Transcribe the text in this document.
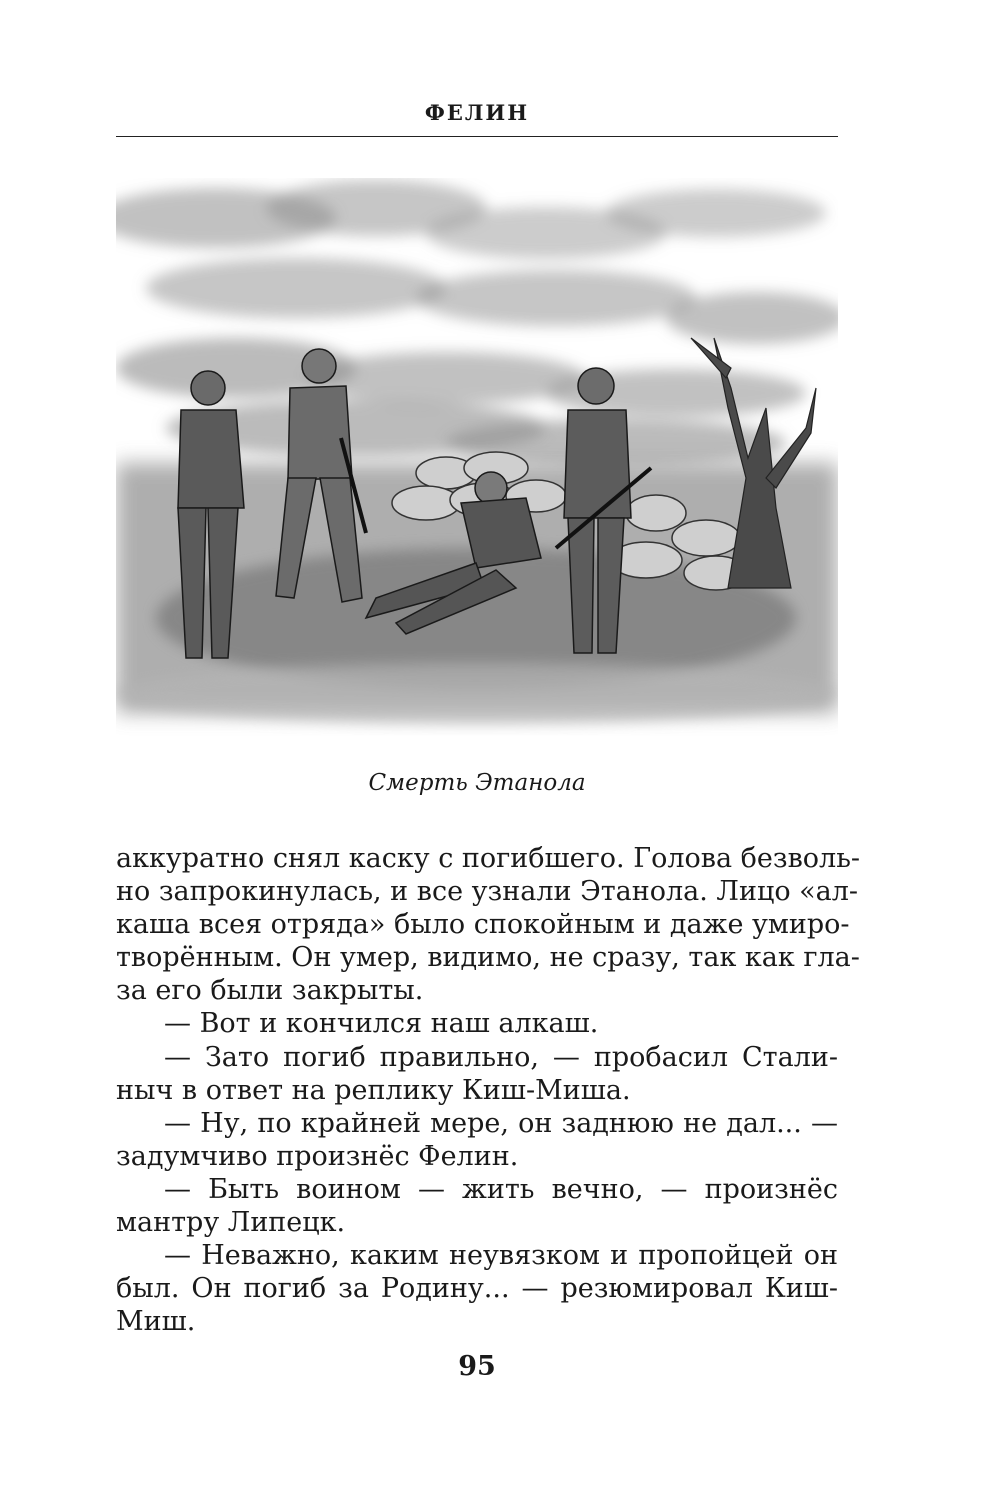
ФЕЛИН
Смерть Этанола
аккуратно снял каску с погибшего. Голова безволь-
но запрокинулась, и все узнали Этанола. Лицо «ал-
каша всея отряда» было спокойным и даже умиро-
творённым. Он умер, видимо, не сразу, так как гла-
за его были закрыты.
— Вот и кончился наш алкаш.
— Зато погиб правильно, — пробасил Стали-
ныч в ответ на реплику Киш-Миша.
— Ну, по крайней мере, он заднюю не дал... —
задумчиво произнёс Фелин.
— Быть воином — жить вечно, — произнёс
мантру Липецк.
— Неважно, каким неувязком и пропойцей он
был. Он погиб за Родину... — резюмировал Киш-
Миш.
95
